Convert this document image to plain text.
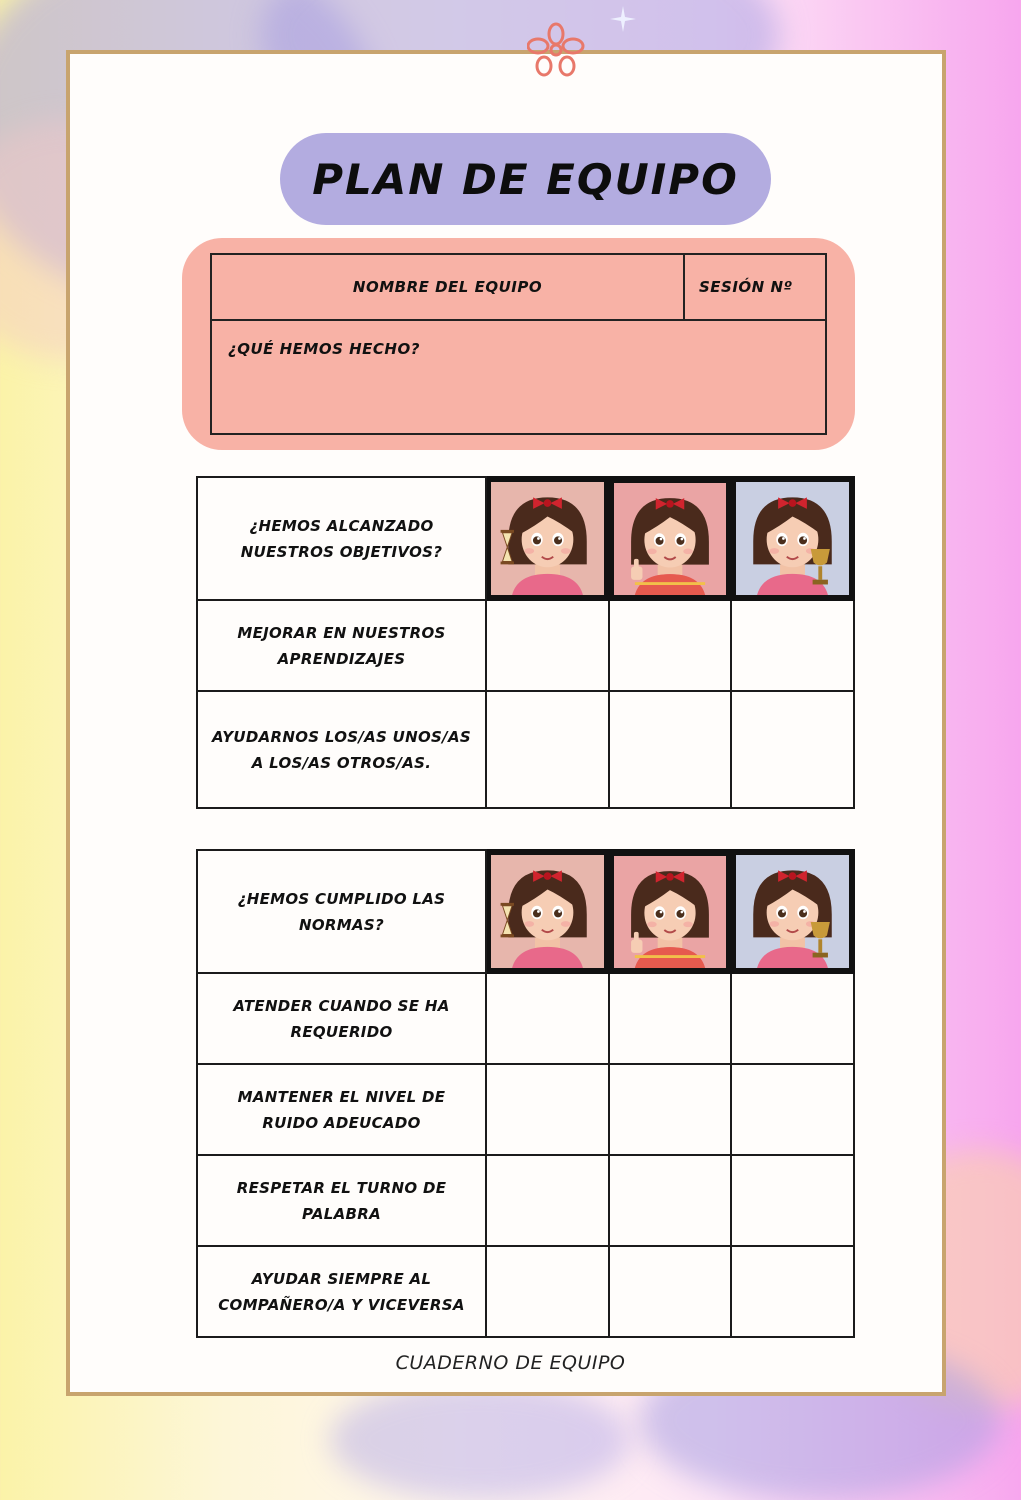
PLAN DE EQUIPO
NOMBRE DEL EQUIPO	SESIÓN Nº
¿QUÉ HEMOS HECHO?
¿HEMOS ALCANZADO NUESTROS OBJETIVOS?	

MEJORAR EN NUESTROS APRENDIZAJES			
AYUDARNOS LOS/AS UNOS/AS A LOS/AS OTROS/AS.			
¿HEMOS CUMPLIDO LAS NORMAS?	

ATENDER CUANDO SE HA REQUERIDO			
MANTENER EL NIVEL DE RUIDO ADEUCADO			
RESPETAR EL TURNO DE PALABRA			
AYUDAR SIEMPRE AL COMPAÑERO/A Y VICEVERSA			
CUADERNO DE EQUIPO
